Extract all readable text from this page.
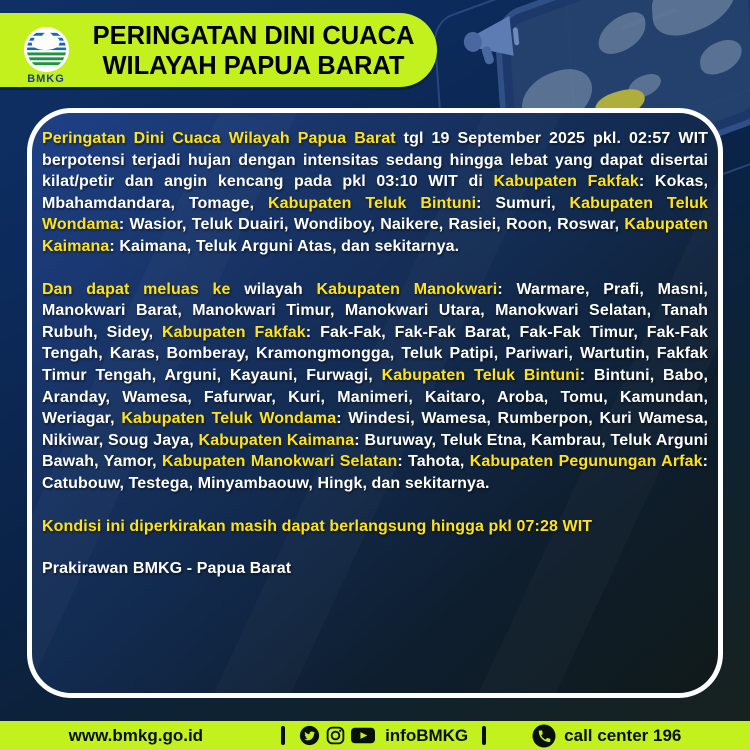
BMKG
PERINGATAN DINI CUACA
WILAYAH PAPUA BARAT
Peringatan Dini Cuaca Wilayah Papua Barat tgl 19 September 2025 pkl. 02:57 WIT berpotensi terjadi hujan dengan intensitas sedang hingga lebat yang dapat disertai kilat/petir dan angin kencang pada pkl 03:10 WIT di Kabupaten Fakfak: Kokas, Mbahamdandara, Tomage, Kabupaten Teluk Bintuni: Sumuri, Kabupaten Teluk Wondama: Wasior, Teluk Duairi, Wondiboy, Naikere, Rasiei, Roon, Roswar, Kabupaten Kaimana: Kaimana, Teluk Arguni Atas, dan sekitarnya.
Dan dapat meluas ke wilayah Kabupaten Manokwari: Warmare, Prafi, Masni, Manokwari Barat, Manokwari Timur, Manokwari Utara, Manokwari Selatan, Tanah Rubuh, Sidey, Kabupaten Fakfak: Fak-Fak, Fak-Fak Barat, Fak-Fak Timur, Fak-Fak Tengah, Karas, Bomberay, Kramongmongga, Teluk Patipi, Pariwari, Wartutin, Fakfak Timur Tengah, Arguni, Kayauni, Furwagi, Kabupaten Teluk Bintuni: Bintuni, Babo, Aranday, Wamesa, Fafurwar, Kuri, Manimeri, Kaitaro, Aroba, Tomu, Kamundan, Weriagar, Kabupaten Teluk Wondama: Windesi, Wamesa, Rumberpon, Kuri Wamesa, Nikiwar, Soug Jaya, Kabupaten Kaimana: Buruway, Teluk Etna, Kambrau, Teluk Arguni Bawah, Yamor, Kabupaten Manokwari Selatan: Tahota, Kabupaten Pegunungan Arfak: Catubouw, Testega, Minyambaouw, Hingk, dan sekitarnya.
Kondisi ini diperkirakan masih dapat berlangsung hingga pkl 07:28 WIT
Prakirawan BMKG - Papua Barat
www.bmkg.go.id	infoBMKG	call center 196
